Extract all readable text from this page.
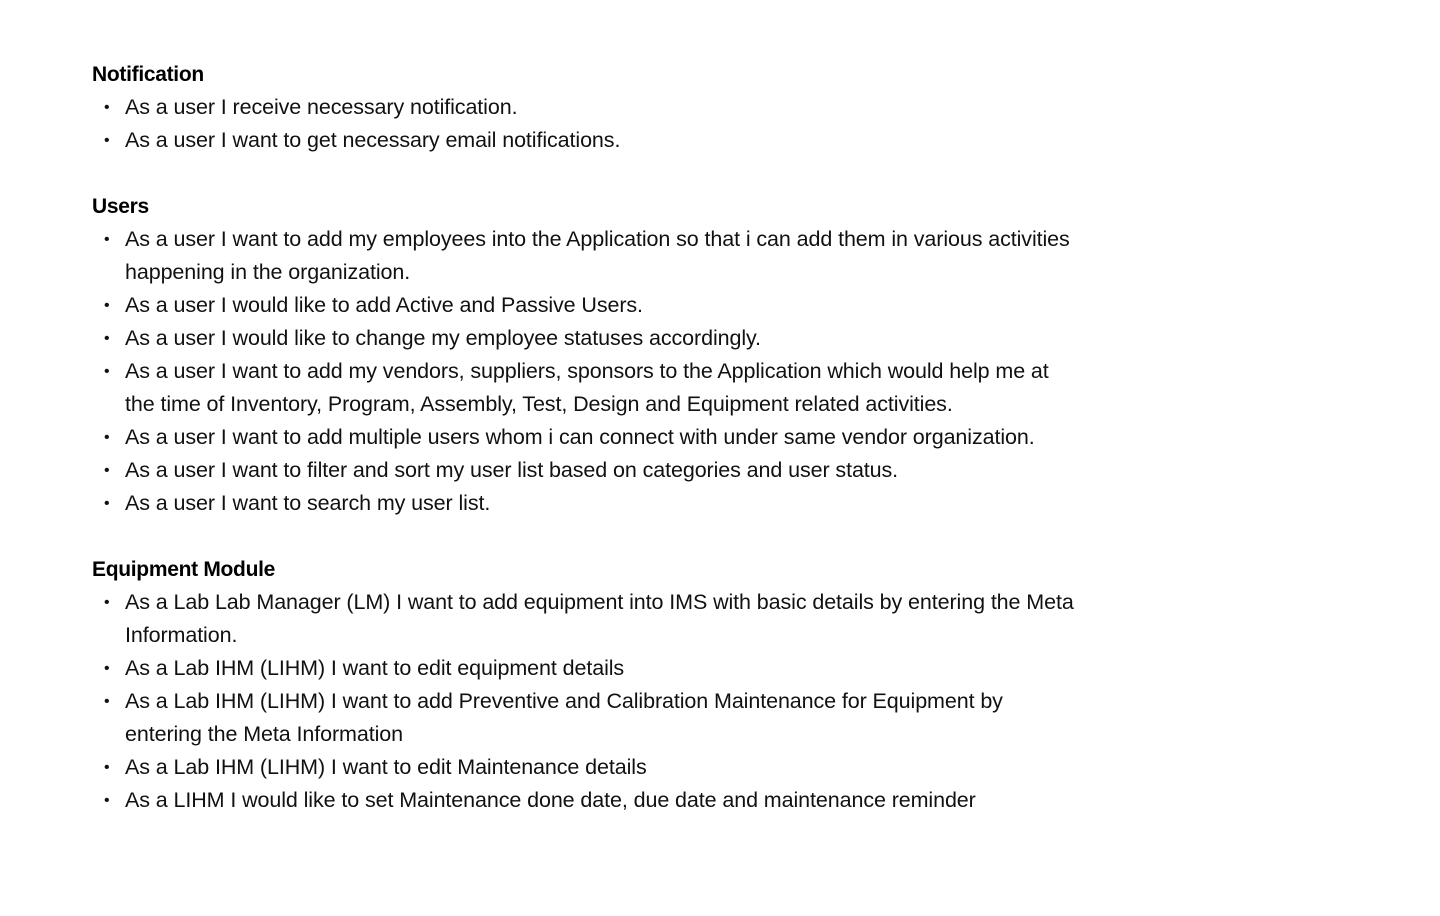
Notification
• As a user I receive necessary notification.
• As a user I want to get necessary email notifications.
Users
• As a user I want to add my employees into the Application so that i can add them in various activities happening in the organization.
• As a user I would like to add Active and Passive Users.
• As a user I would like to change my employee statuses accordingly.
• As a user I want to add my vendors, suppliers, sponsors to the Application which would help me at the time of Inventory, Program, Assembly, Test, Design and Equipment related activities.
• As a user I want to add multiple users whom i can connect with under same vendor organization.
• As a user I want to filter and sort my user list based on categories and user status.
• As a user I want to search my user list.
Equipment Module
• As a Lab Lab Manager (LM) I want to add equipment into IMS with basic details by entering the Meta Information.
• As a Lab IHM (LIHM) I want to edit equipment details
• As a Lab IHM (LIHM) I want to add Preventive and Calibration Maintenance for Equipment by entering the Meta Information
• As a Lab IHM (LIHM) I want to edit Maintenance details
• As a LIHM I would like to set Maintenance done date, due date and maintenance reminder
